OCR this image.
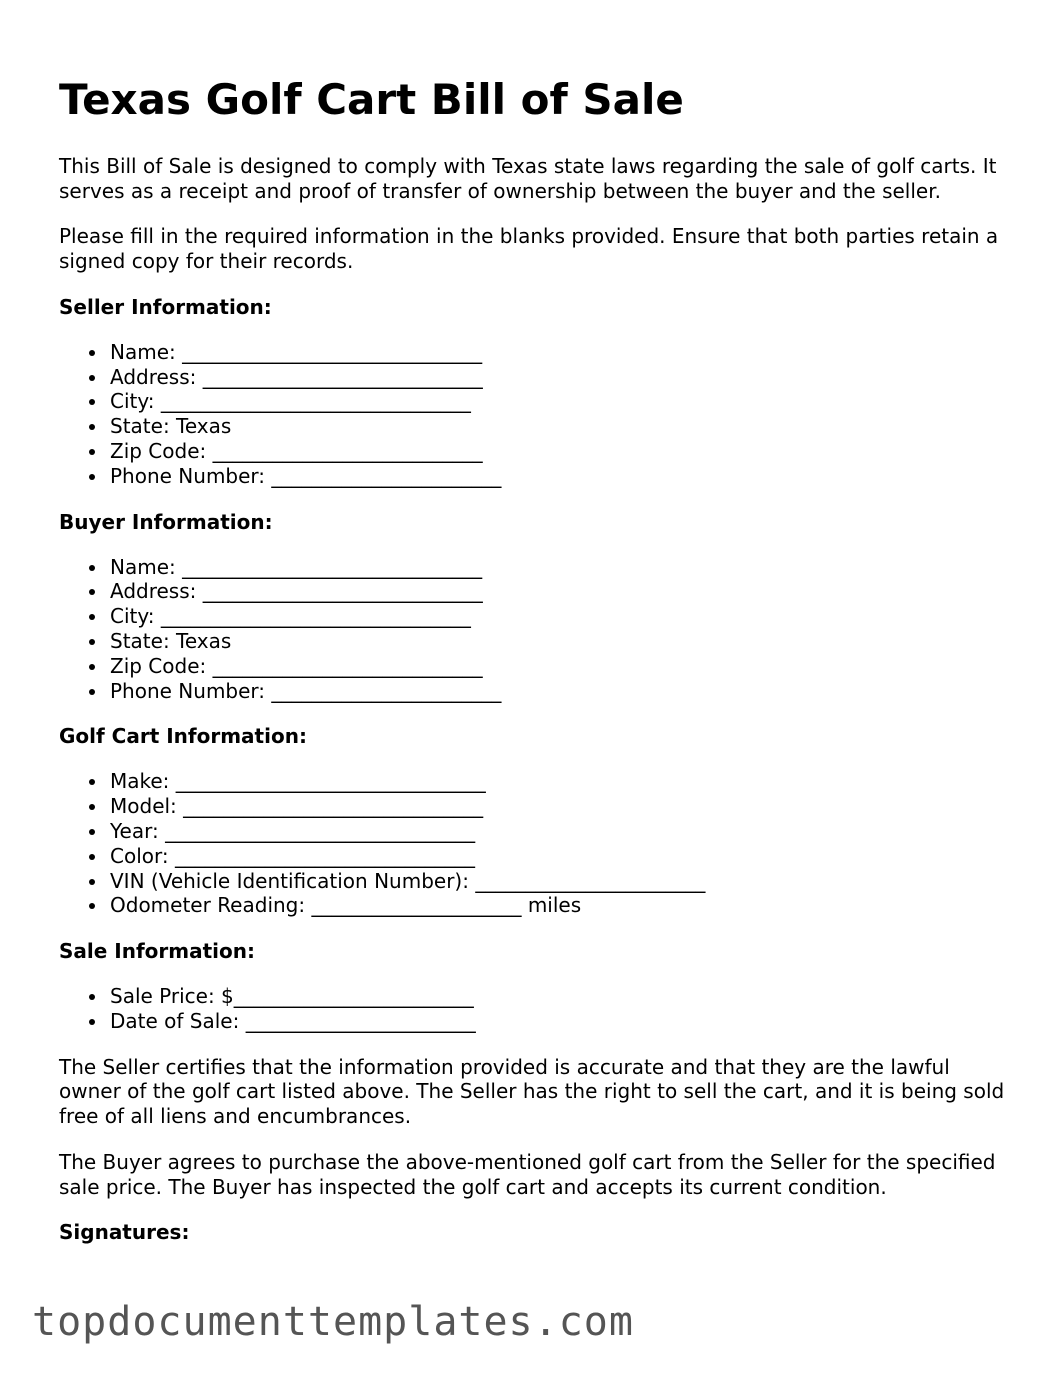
Texas Golf Cart Bill of Sale

This Bill of Sale is designed to comply with Texas state laws regarding the sale of golf carts. It serves as a receipt and proof of transfer of ownership between the buyer and the seller.

Please fill in the required information in the blanks provided. Ensure that both parties retain a signed copy for their records.

Seller Information:
Name: ______________________________
Address: ____________________________
City: _______________________________
State: Texas
Zip Code: ___________________________
Phone Number: _______________________
Buyer Information:
Name: ______________________________
Address: ____________________________
City: _______________________________
State: Texas
Zip Code: ___________________________
Phone Number: _______________________
Golf Cart Information:
Make: _______________________________
Model: ______________________________
Year: _______________________________
Color: ______________________________
VIN (Vehicle Identification Number): _______________________
Odometer Reading: _____________________ miles
Sale Information:
Sale Price: $________________________
Date of Sale: _______________________

The Seller certifies that the information provided is accurate and that they are the lawful owner of the golf cart listed above. The Seller has the right to sell the cart, and it is being sold free of all liens and encumbrances.

The Buyer agrees to purchase the above-mentioned golf cart from the Seller for the specified sale price. The Buyer has inspected the golf cart and accepts its current condition.

Signatures:
topdocumenttemplates.com
